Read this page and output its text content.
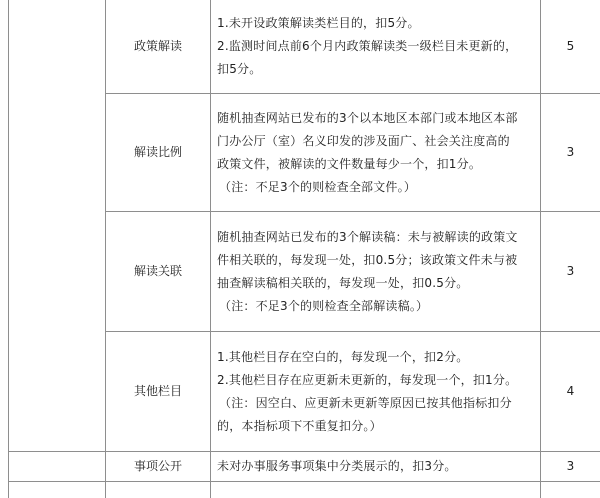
	政策解读	1.未开设政策解读类栏目的，扣5分。

2.监测时间点前6个月内政策解读类一级栏目未更新的，

扣5分。	5
	解读比例	随机抽查网站已发布的3个以本地区本部门或本地区本部

门办公厅（室）名义印发的涉及面广、社会关注度高的

政策文件，被解读的文件数量每少一个，扣1分。

（注：不足3个的则检查全部文件。）	3
	解读关联	随机抽查网站已发布的3个解读稿：未与被解读的政策文

件相关联的，每发现一处，扣0.5分；该政策文件未与被

抽查解读稿相关联的，每发现一处，扣0.5分。

（注：不足3个的则检查全部解读稿。）	3
	其他栏目	1.其他栏目存在空白的，每发现一个，扣2分。

2.其他栏目存在应更新未更新的，每发现一个，扣1分。

（注：因空白、应更新未更新等原因已按其他指标扣分

的，本指标项下不重复扣分。）	4
	事项公开	未对办事服务事项集中分类展示的，扣3分。	3
